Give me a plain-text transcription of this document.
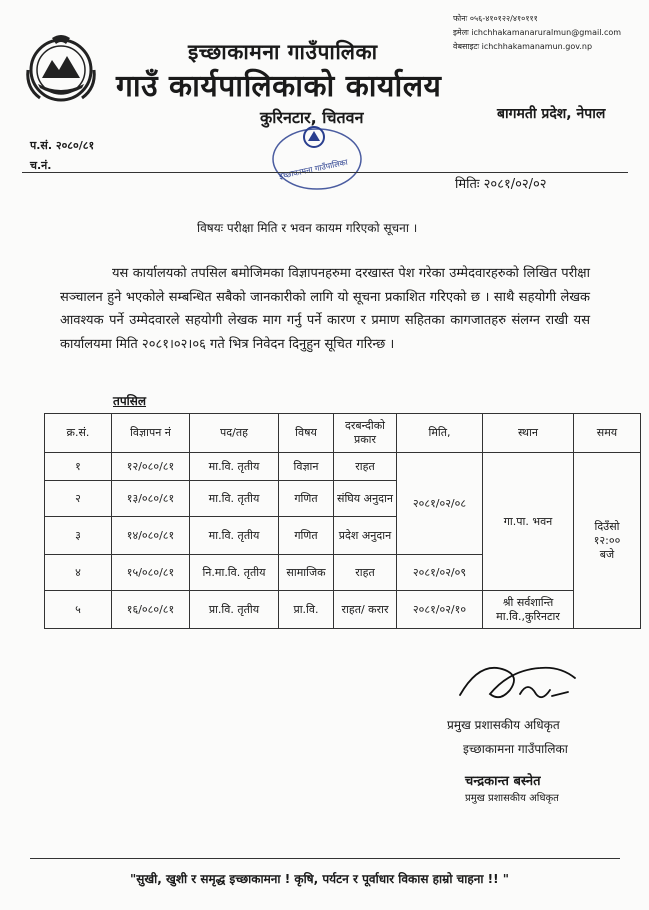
फोनः ०५६-४१०१२२/४१०१११
इमेलः ichchhakamanaruralmun@gmail.com
वेबसाइटः ichchhakamanamun.gov.np
इच्छाकामना गाउँपालिका
गाउँ कार्यपालिकाको कार्यालय
कुरिनटार, चितवन	बागमती प्रदेश, नेपाल
प.सं. २०८०/८१
च.नं.	इच्छाकामना गाउँपालिका
मितिः २०८१/०२/०२
विषयः परीक्षा मिति र भवन कायम गरिएको सूचना ।
यस कार्यालयको तपसिल बमोजिमका विज्ञापनहरुमा दरखास्त पेश गरेका उम्मेदवारहरुको लिखित परीक्षा सञ्चालन हुने भएकोले सम्बन्धित सबैको जानकारीको लागि यो सूचना प्रकाशित गरिएको छ । साथै सहयोगी लेखक आवश्यक पर्ने उम्मेदवारले सहयोगी लेखक माग गर्नु पर्ने कारण र प्रमाण सहितका कागजातहरु संलग्न राखी यस कार्यालयमा मिति २०८१।०२।०६ गते भित्र निवेदन दिनुहुन सूचित गरिन्छ ।
तपसिल
क्र.सं.	विज्ञापन नं	पद/तह	विषय	दरबन्दीको प्रकार	मिति,	स्थान	समय
१	१२/०८०/८१	मा.वि. तृतीय	विज्ञान	राहत	२०८१/०२/०८	गा.पा. भवन	दिउँसो १२:०० बजे
२	१३/०८०/८१	मा.वि. तृतीय	गणित	संघिय अनुदान			
३	१४/०८०/८१	मा.वि. तृतीय	गणित	प्रदेश अनुदान			
४	१५/०८०/८१	नि.मा.वि. तृतीय	सामाजिक	राहत	२०८१/०२/०९		
५	१६/०८०/८१	प्रा.वि. तृतीय	प्रा.वि.	राहत/ करार	२०८१/०२/१०	श्री सर्वशान्ति मा.वि.,कुरिनटार	
प्रमुख प्रशासकीय अधिकृत
इच्छाकामना गाउँपालिका
चन्द्रकान्त बस्नेत
प्रमुख प्रशासकीय अधिकृत
"सुखी, खुशी र समृद्ध इच्छाकामना ! कृषि, पर्यटन र पूर्वाधार विकास हाम्रो चाहना !! "
